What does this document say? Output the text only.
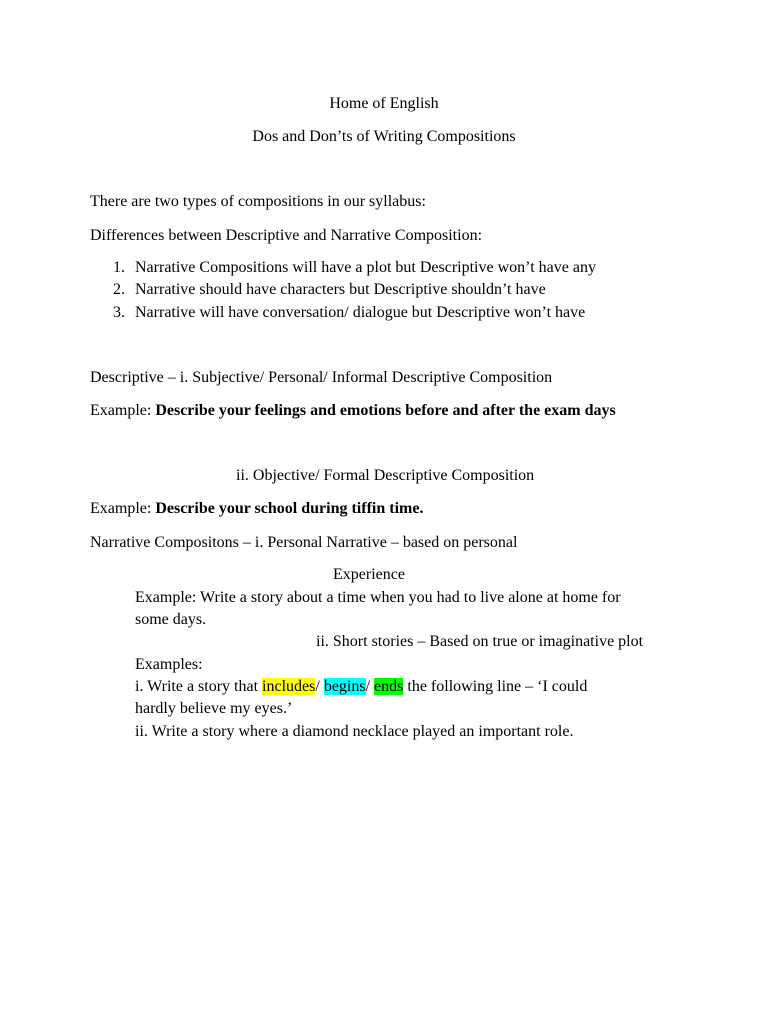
Home of English
Dos and Don’ts of Writing Compositions
There are two types of compositions in our syllabus:
Differences between Descriptive and Narrative Composition:
1. Narrative Compositions will have a plot but Descriptive won’t have any
2. Narrative should have characters but Descriptive shouldn’t have
3. Narrative will have conversation/ dialogue but Descriptive won’t have
Descriptive – i. Subjective/ Personal/ Informal Descriptive Composition
Example: Describe your feelings and emotions before and after the exam days
ii. Objective/ Formal Descriptive Composition
Example: Describe your school during tiffin time.
Narrative Compositons – i. Personal Narrative – based on personal
Experience
Example: Write a story about a time when you had to live alone at home for
some days.
ii. Short stories – Based on true or imaginative plot
Examples:
i. Write a story that includes/ begins/ ends the following line – ‘I could
hardly believe my eyes.’
ii. Write a story where a diamond necklace played an important role.
